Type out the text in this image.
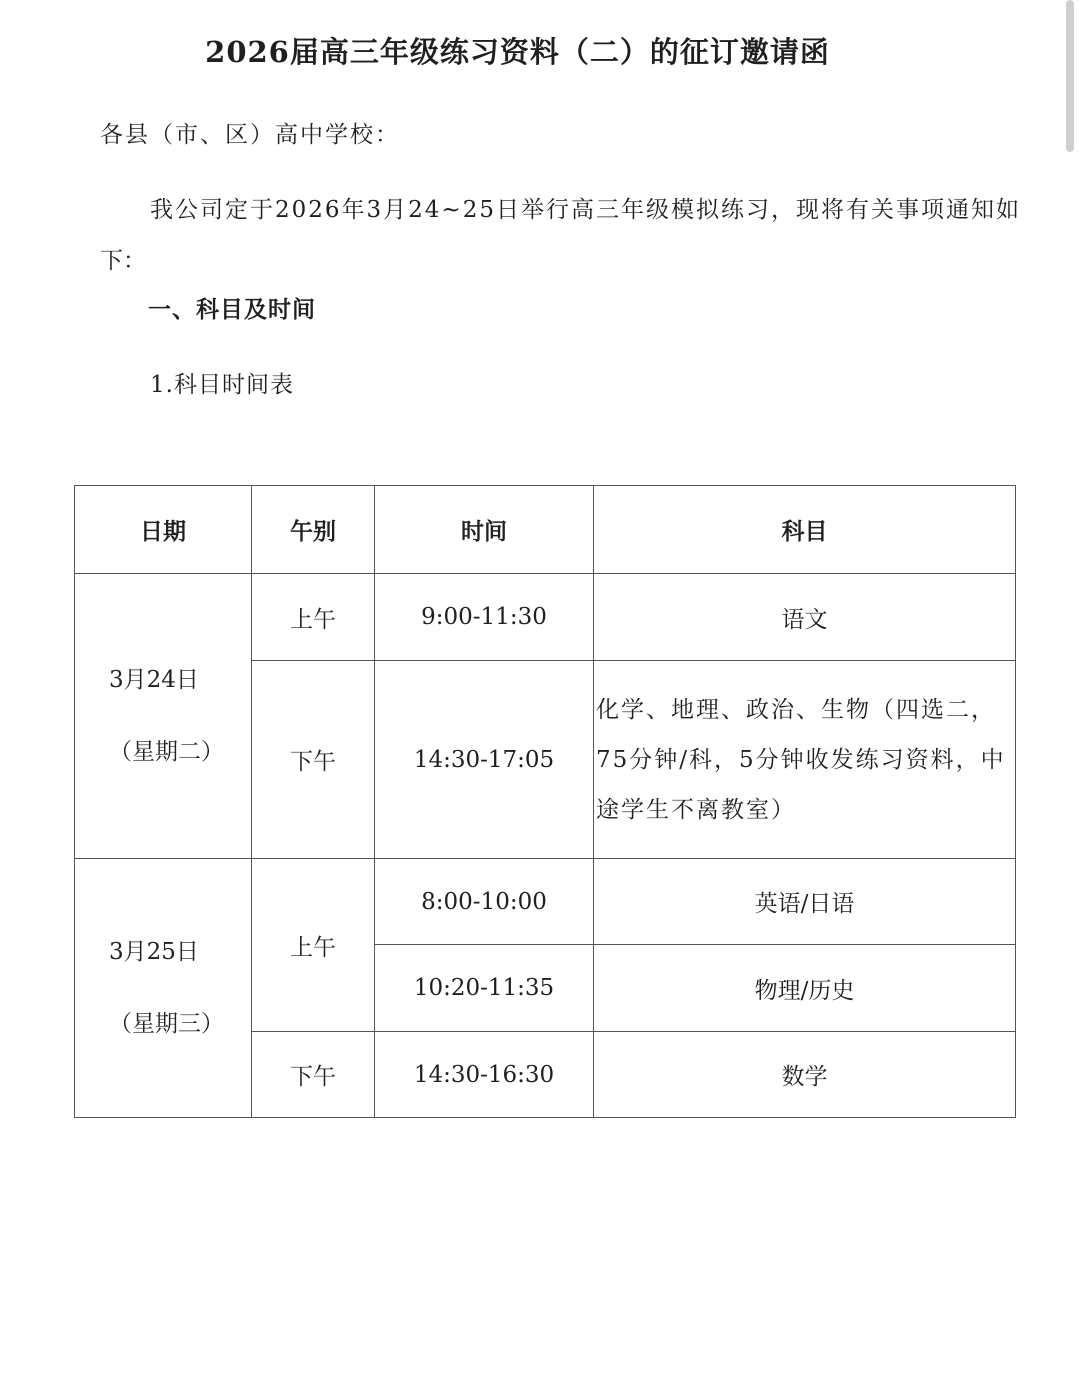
2026届高三年级练习资料（二）的征订邀请函
各县（市、区）高中学校：
我公司定于2026年3月24~25日举行高三年级模拟练习，现将有关事项通知如
下：
一、科目及时间
1.科目时间表
日期	午别	时间	科目

3月24日
（星期二）	上午	9:00-11:30	语文
	下午	14:30-17:05	化学、地理、政治、生物（四选二，75分钟/科，5分钟收发练习资料，中途学生不离教室）

3月25日
（星期三）	上午	8:00-10:00	英语/日语
		10:20-11:35	物理/历史
	下午	14:30-16:30	数学
